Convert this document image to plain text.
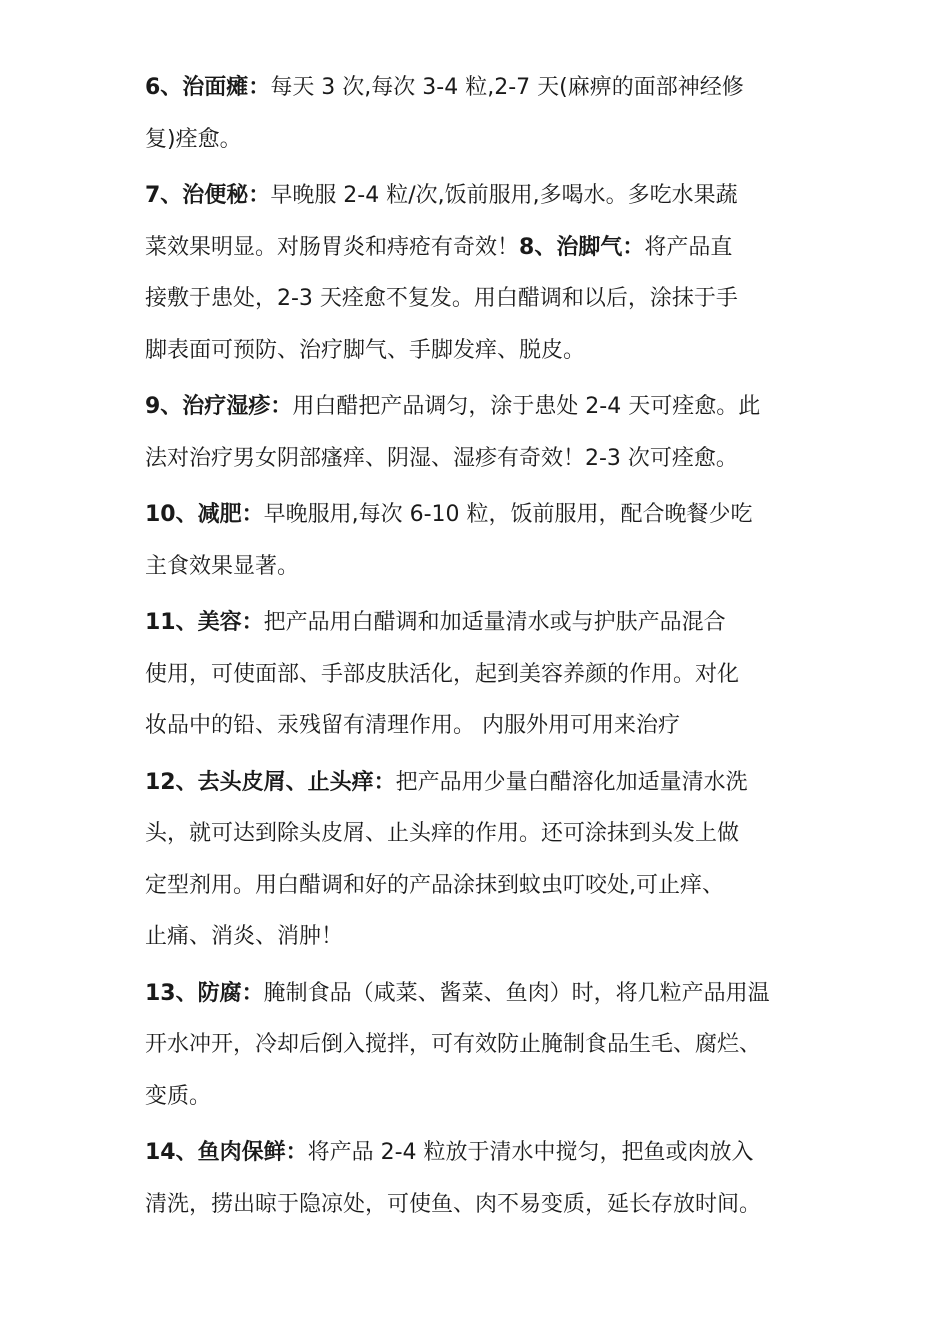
6、治面瘫：每天 3 次,每次 3-4 粒,2-7 天(麻痹的面部神经修
复)痊愈。

7、治便秘：早晚服 2-4 粒/次,饭前服用,多喝水。多吃水果蔬
菜效果明显。对肠胃炎和痔疮有奇效！8、治脚气：将产品直
接敷于患处，2-3 天痊愈不复发。用白醋调和以后，涂抹于手
脚表面可预防、治疗脚气、手脚发痒、脱皮。

9、治疗湿疹：用白醋把产品调匀，涂于患处 2-4 天可痊愈。此
法对治疗男女阴部瘙痒、阴湿、湿疹有奇效！2-3 次可痊愈。

10、减肥：早晚服用,每次 6-10 粒，饭前服用，配合晚餐少吃
主食效果显著。

11、美容：把产品用白醋调和加适量清水或与护肤产品混合
使用，可使面部、手部皮肤活化，起到美容养颜的作用。对化
妆品中的铅、汞残留有清理作用。 内服外用可用来治疗

12、去头皮屑、止头痒：把产品用少量白醋溶化加适量清水洗
头，就可达到除头皮屑、止头痒的作用。还可涂抹到头发上做
定型剂用。用白醋调和好的产品涂抹到蚊虫叮咬处,可止痒、
止痛、消炎、消肿！

13、防腐：腌制食品（咸菜、酱菜、鱼肉）时，将几粒产品用温
开水冲开，冷却后倒入搅拌，可有效防止腌制食品生毛、腐烂、
变质。

14、鱼肉保鲜：将产品 2-4 粒放于清水中搅匀，把鱼或肉放入
清洗，捞出晾于隐凉处，可使鱼、肉不易变质，延长存放时间。
